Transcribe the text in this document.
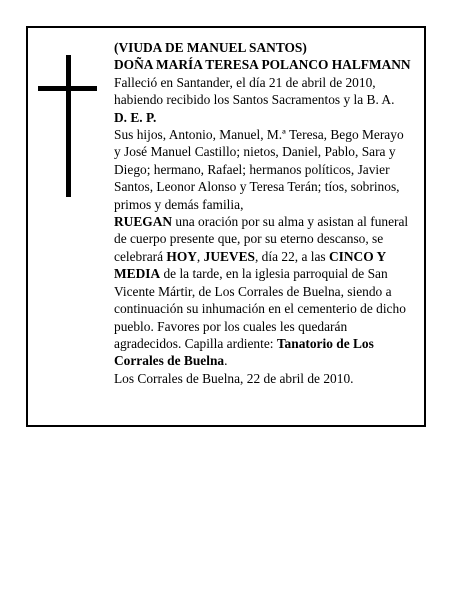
(VIUDA DE MANUEL SANTOS)

DOÑA MARÍA TERESA POLANCO HALFMANN

Falleció en Santander, el día 21 de abril de 2010,

habiendo recibido los Santos Sacramentos y la B. A.

D. E. P.

Sus hijos, Antonio, Manuel, M.ª Teresa, Bego Merayo

y José Manuel Castillo; nietos, Daniel, Pablo, Sara y

Diego; hermano, Rafael; hermanos políticos, Javier

Santos, Leonor Alonso y Teresa Terán; tíos, sobrinos,

primos y demás familia,

RUEGAN una oración por su alma y asistan al funeral

de cuerpo presente que, por su eterno descanso, se

celebrará HOY, JUEVES, día 22, a las CINCO Y

MEDIA de la tarde, en la iglesia parroquial de San

Vicente Mártir, de Los Corrales de Buelna, siendo a

continuación su inhumación en el cementerio de dicho

pueblo. Favores por los cuales les quedarán

agradecidos. Capilla ardiente: Tanatorio de Los

Corrales de Buelna.

Los Corrales de Buelna, 22 de abril de 2010.
